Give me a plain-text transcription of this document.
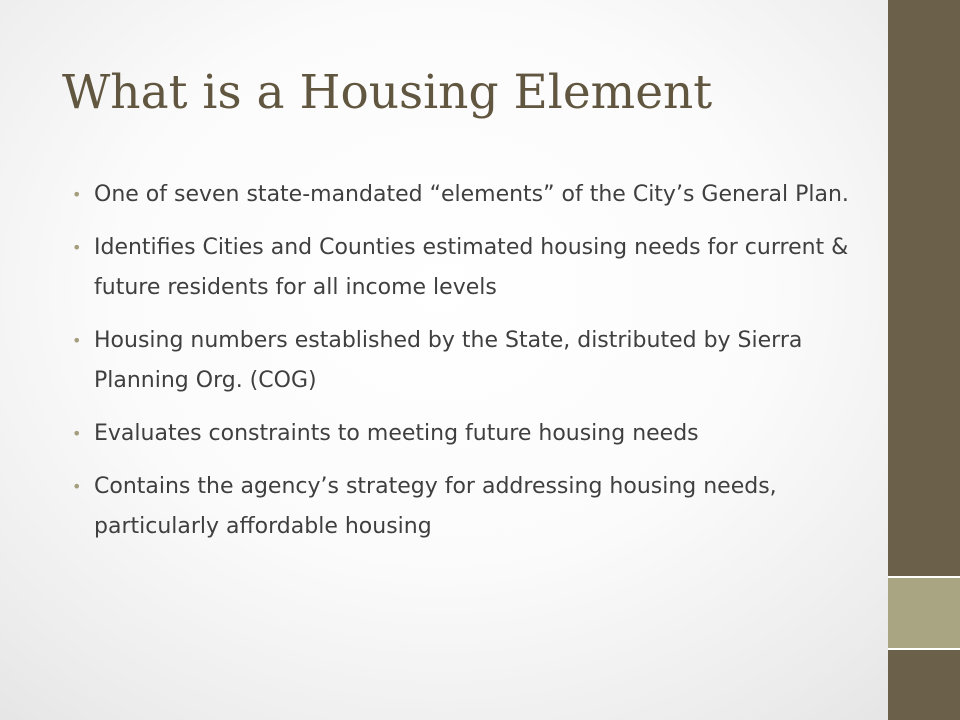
What is a Housing Element
• One of seven state-mandated “elements” of the City’s General Plan.
• Identifies Cities and Counties estimated housing needs for current & future residents for all income levels
• Housing numbers established by the State, distributed by Sierra Planning Org. (COG)
• Evaluates constraints to meeting future housing needs
• Contains the agency’s strategy for addressing housing needs, particularly affordable housing
